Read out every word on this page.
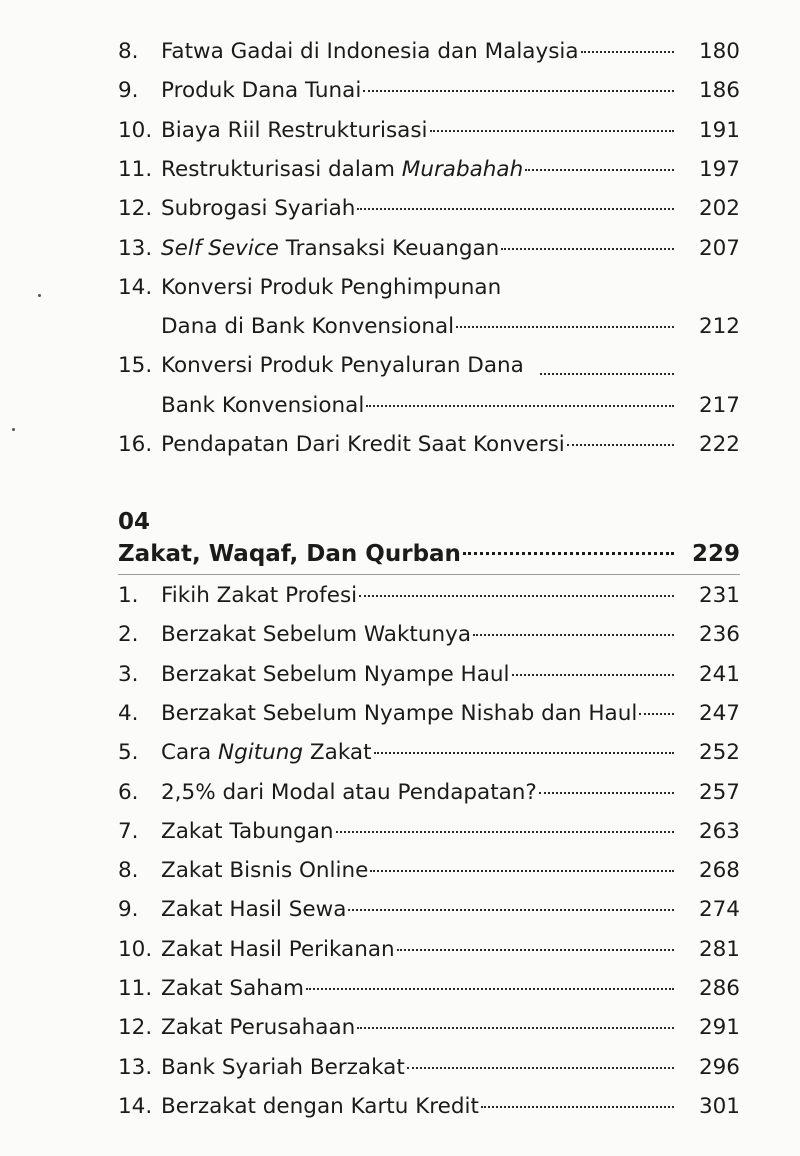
8. Fatwa Gadai di Indonesia dan Malaysia	180
9. Produk Dana Tunai	186
10. Biaya Riil Restrukturisasi	191
11. Restrukturisasi dalam Murabahah	197
12. Subrogasi Syariah	202
13. Self Sevice Transaksi Keuangan	207
14. Konversi Produk Penghimpunan
Dana di Bank Konvensional	212
15. Konversi Produk Penyaluran Dana
Bank Konvensional	217
16. Pendapatan Dari Kredit Saat Konversi	222
04
Zakat, Waqaf, Dan Qurban	229
1. Fikih Zakat Profesi	231
2. Berzakat Sebelum Waktunya	236
3. Berzakat Sebelum Nyampe Haul	241
4. Berzakat Sebelum Nyampe Nishab dan Haul	247
5. Cara Ngitung Zakat	252
6. 2,5% dari Modal atau Pendapatan?	257
7. Zakat Tabungan	263
8. Zakat Bisnis Online	268
9. Zakat Hasil Sewa	274
10. Zakat Hasil Perikanan	281
11. Zakat Saham	286
12. Zakat Perusahaan	291
13. Bank Syariah Berzakat	296
14. Berzakat dengan Kartu Kredit	301
